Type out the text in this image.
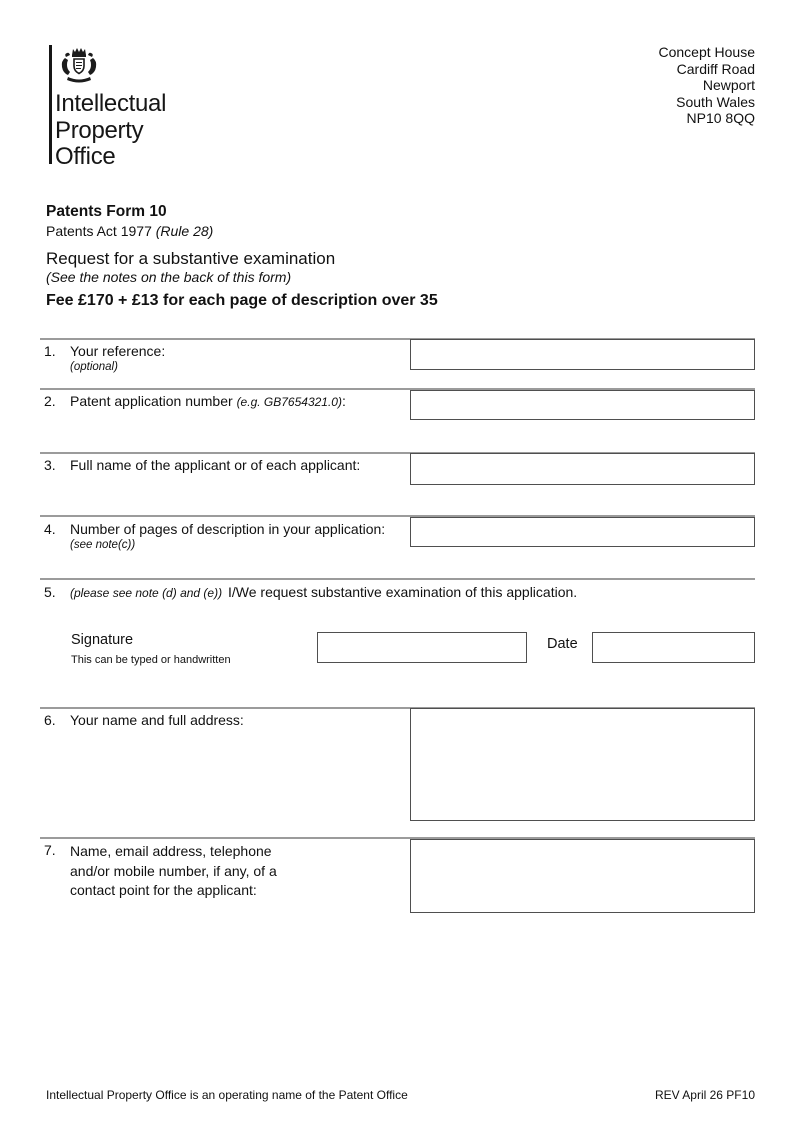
Intellectual
Property
Office
Concept House
Cardiff Road
Newport
South Wales
NP10 8QQ
Patents Form 10
Patents Act 1977 (Rule 28)
Request for a substantive examination
(See the notes on the back of this form)
Fee £170 + £13 for each page of description over 35
1. Your reference:
(optional)
2. Patent application number (e.g. GB7654321.0):
3. Full name of the applicant or of each applicant:
4. Number of pages of description in your application:
(see note(c))
5. (please see note (d) and (e)) I/We request substantive examination of this application.
Signature
This can be typed or handwritten
Date
6. Your name and full address:
7. Name, email address, telephone
and/or mobile number, if any, of a
contact point for the applicant:
Intellectual Property Office is an operating name of the Patent Office	REV April 26 PF10
